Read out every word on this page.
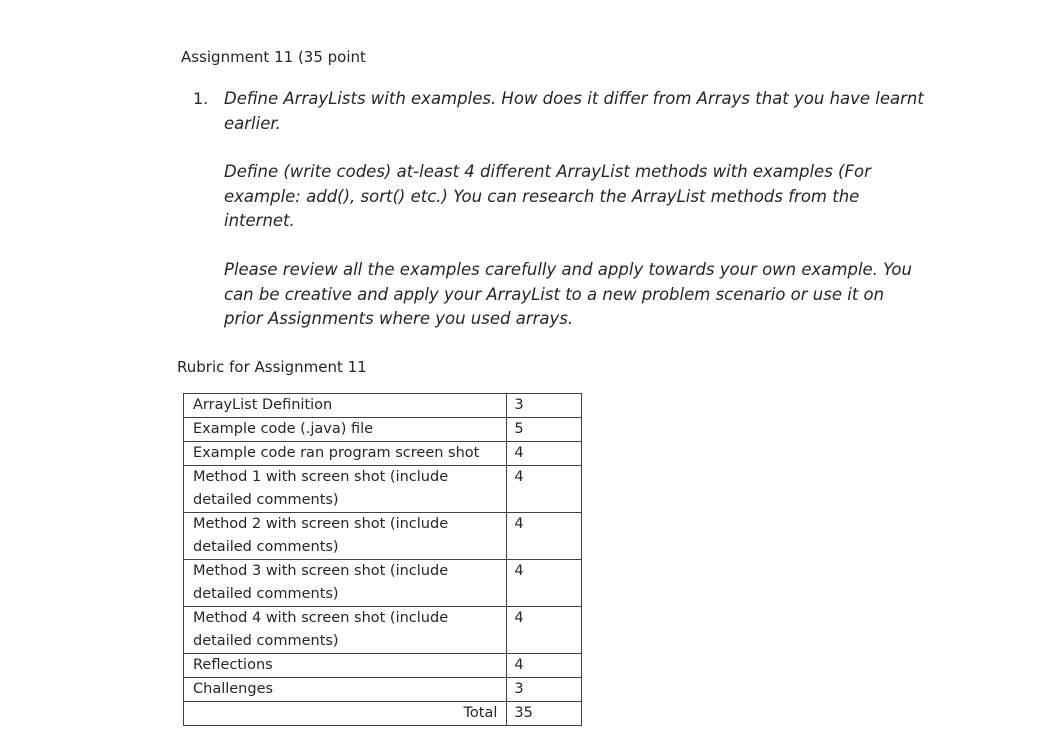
Assignment 11 (35 point
1. Define ArrayLists with examples. How does it differ from Arrays that you have learnt earlier.

Define (write codes) at-least 4 different ArrayList methods with examples (For example: add(), sort() etc.) You can research the ArrayList methods from the internet.

Please review all the examples carefully and apply towards your own example. You can be creative and apply your ArrayList to a new problem scenario or use it on prior Assignments where you used arrays.

Rubric for Assignment 11
ArrayList Definition	3
Example code (.java) file	5
Example code ran program screen shot	4
Method 1 with screen shot (include detailed comments)	4
Method 2 with screen shot (include detailed comments)	4
Method 3 with screen shot (include detailed comments)	4
Method 4 with screen shot (include detailed comments)	4
Reflections	4
Challenges	3
Total	35
